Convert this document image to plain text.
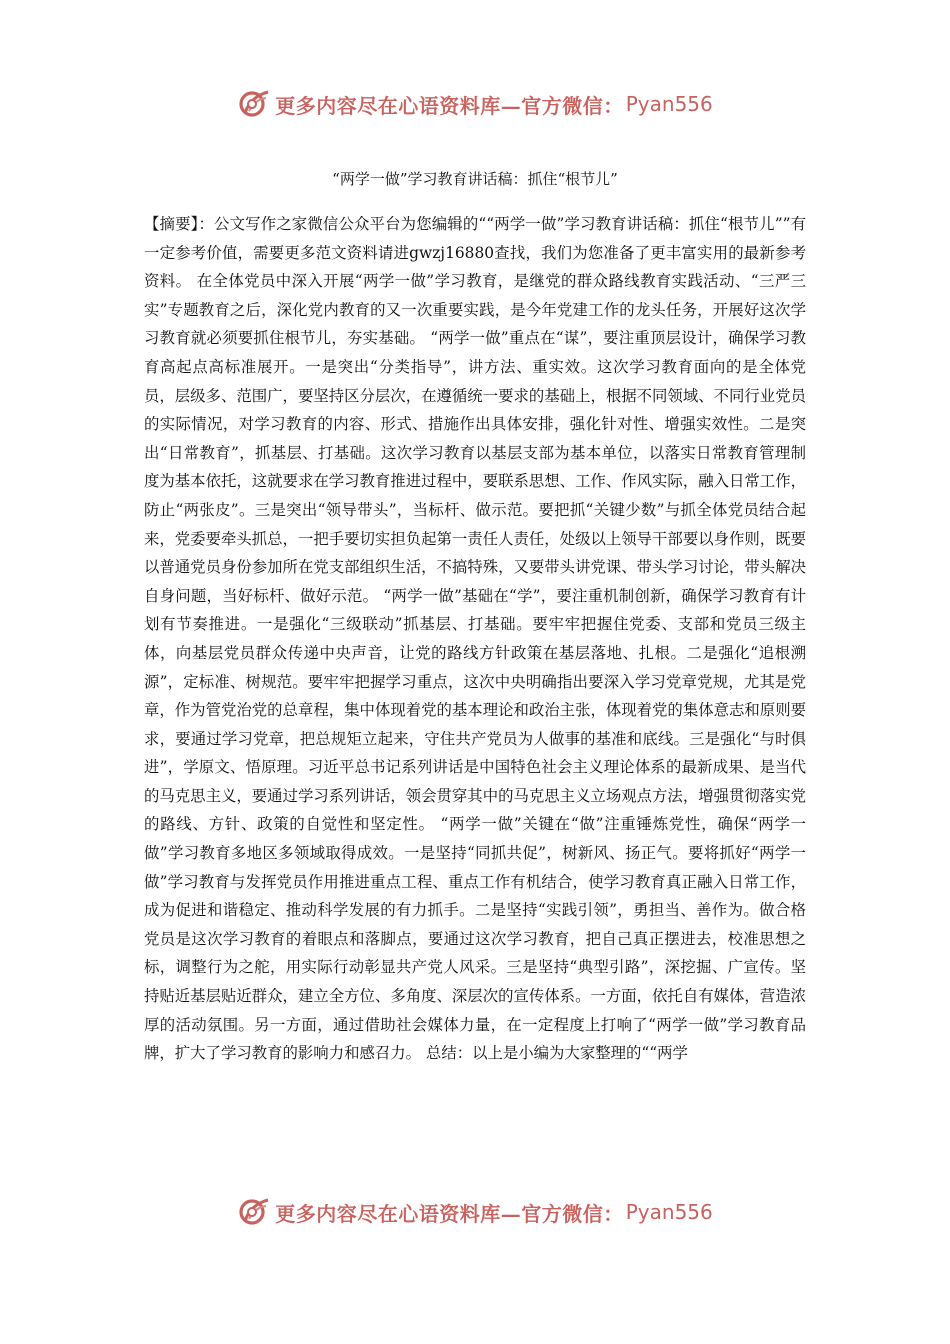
更多内容尽在心语资料库—官方微信： Pyan556
“两学一做”学习教育讲话稿：抓住“根节儿”

【摘要】：公文写作之家微信公众平台为您编辑的““两学一做”学习教育讲话稿：抓住“根节儿””有一定参考价值，需要更多范文资料请进gwzj16880查找，我们为您准备了更丰富实用的最新参考资料。 在全体党员中深入开展“两学一做”学习教育，是继党的群众路线教育实践活动、“三严三实”专题教育之后，深化党内教育的又一次重要实践，是今年党建工作的龙头任务，开展好这次学习教育就必须要抓住根节儿，夯实基础。 “两学一做”重点在“谋”，要注重顶层设计，确保学习教育高起点高标准展开。一是突出“分类指导”，讲方法、重实效。这次学习教育面向的是全体党员，层级多、范围广，要坚持区分层次，在遵循统一要求的基础上，根据不同领域、不同行业党员的实际情况，对学习教育的内容、形式、措施作出具体安排，强化针对性、增强实效性。二是突出“日常教育”，抓基层、打基础。这次学习教育以基层支部为基本单位，以落实日常教育管理制度为基本依托，这就要求在学习教育推进过程中，要联系思想、工作、作风实际，融入日常工作，防止“两张皮”。三是突出“领导带头”，当标杆、做示范。要把抓“关键少数”与抓全体党员结合起来，党委要牵头抓总，一把手要切实担负起第一责任人责任，处级以上领导干部要以身作则，既要以普通党员身份参加所在党支部组织生活，不搞特殊，又要带头讲党课、带头学习讨论，带头解决自身问题，当好标杆、做好示范。 “两学一做”基础在“学”，要注重机制创新，确保学习教育有计划有节奏推进。一是强化“三级联动”抓基层、打基础。要牢牢把握住党委、支部和党员三级主体，向基层党员群众传递中央声音，让党的路线方针政策在基层落地、扎根。二是强化“追根溯源”，定标准、树规范。要牢牢把握学习重点，这次中央明确指出要深入学习党章党规，尤其是党章，作为管党治党的总章程，集中体现着党的基本理论和政治主张，体现着党的集体意志和原则要求，要通过学习党章，把总规矩立起来，守住共产党员为人做事的基准和底线。三是强化“与时俱进”，学原文、悟原理。习近平总书记系列讲话是中国特色社会主义理论体系的最新成果、是当代的马克思主义，要通过学习系列讲话，领会贯穿其中的马克思主义立场观点方法，增强贯彻落实党的路线、方针、政策的自觉性和坚定性。 “两学一做”关键在“做”注重锤炼党性，确保“两学一做”学习教育多地区多领域取得成效。一是坚持“同抓共促”，树新风、扬正气。要将抓好“两学一做”学习教育与发挥党员作用推进重点工程、重点工作有机结合，使学习教育真正融入日常工作，成为促进和谐稳定、推动科学发展的有力抓手。二是坚持“实践引领”，勇担当、善作为。做合格党员是这次学习教育的着眼点和落脚点，要通过这次学习教育，把自己真正摆进去，校准思想之标，调整行为之舵，用实际行动彰显共产党人风采。三是坚持“典型引路”，深挖掘、广宣传。坚持贴近基层贴近群众，建立全方位、多角度、深层次的宣传体系。一方面，依托自有媒体，营造浓厚的活动氛围。另一方面，通过借助社会媒体力量，在一定程度上打响了“两学一做”学习教育品牌，扩大了学习教育的影响力和感召力。 总结：以上是小编为大家整理的““两学

更多内容尽在心语资料库—官方微信： Pyan556
